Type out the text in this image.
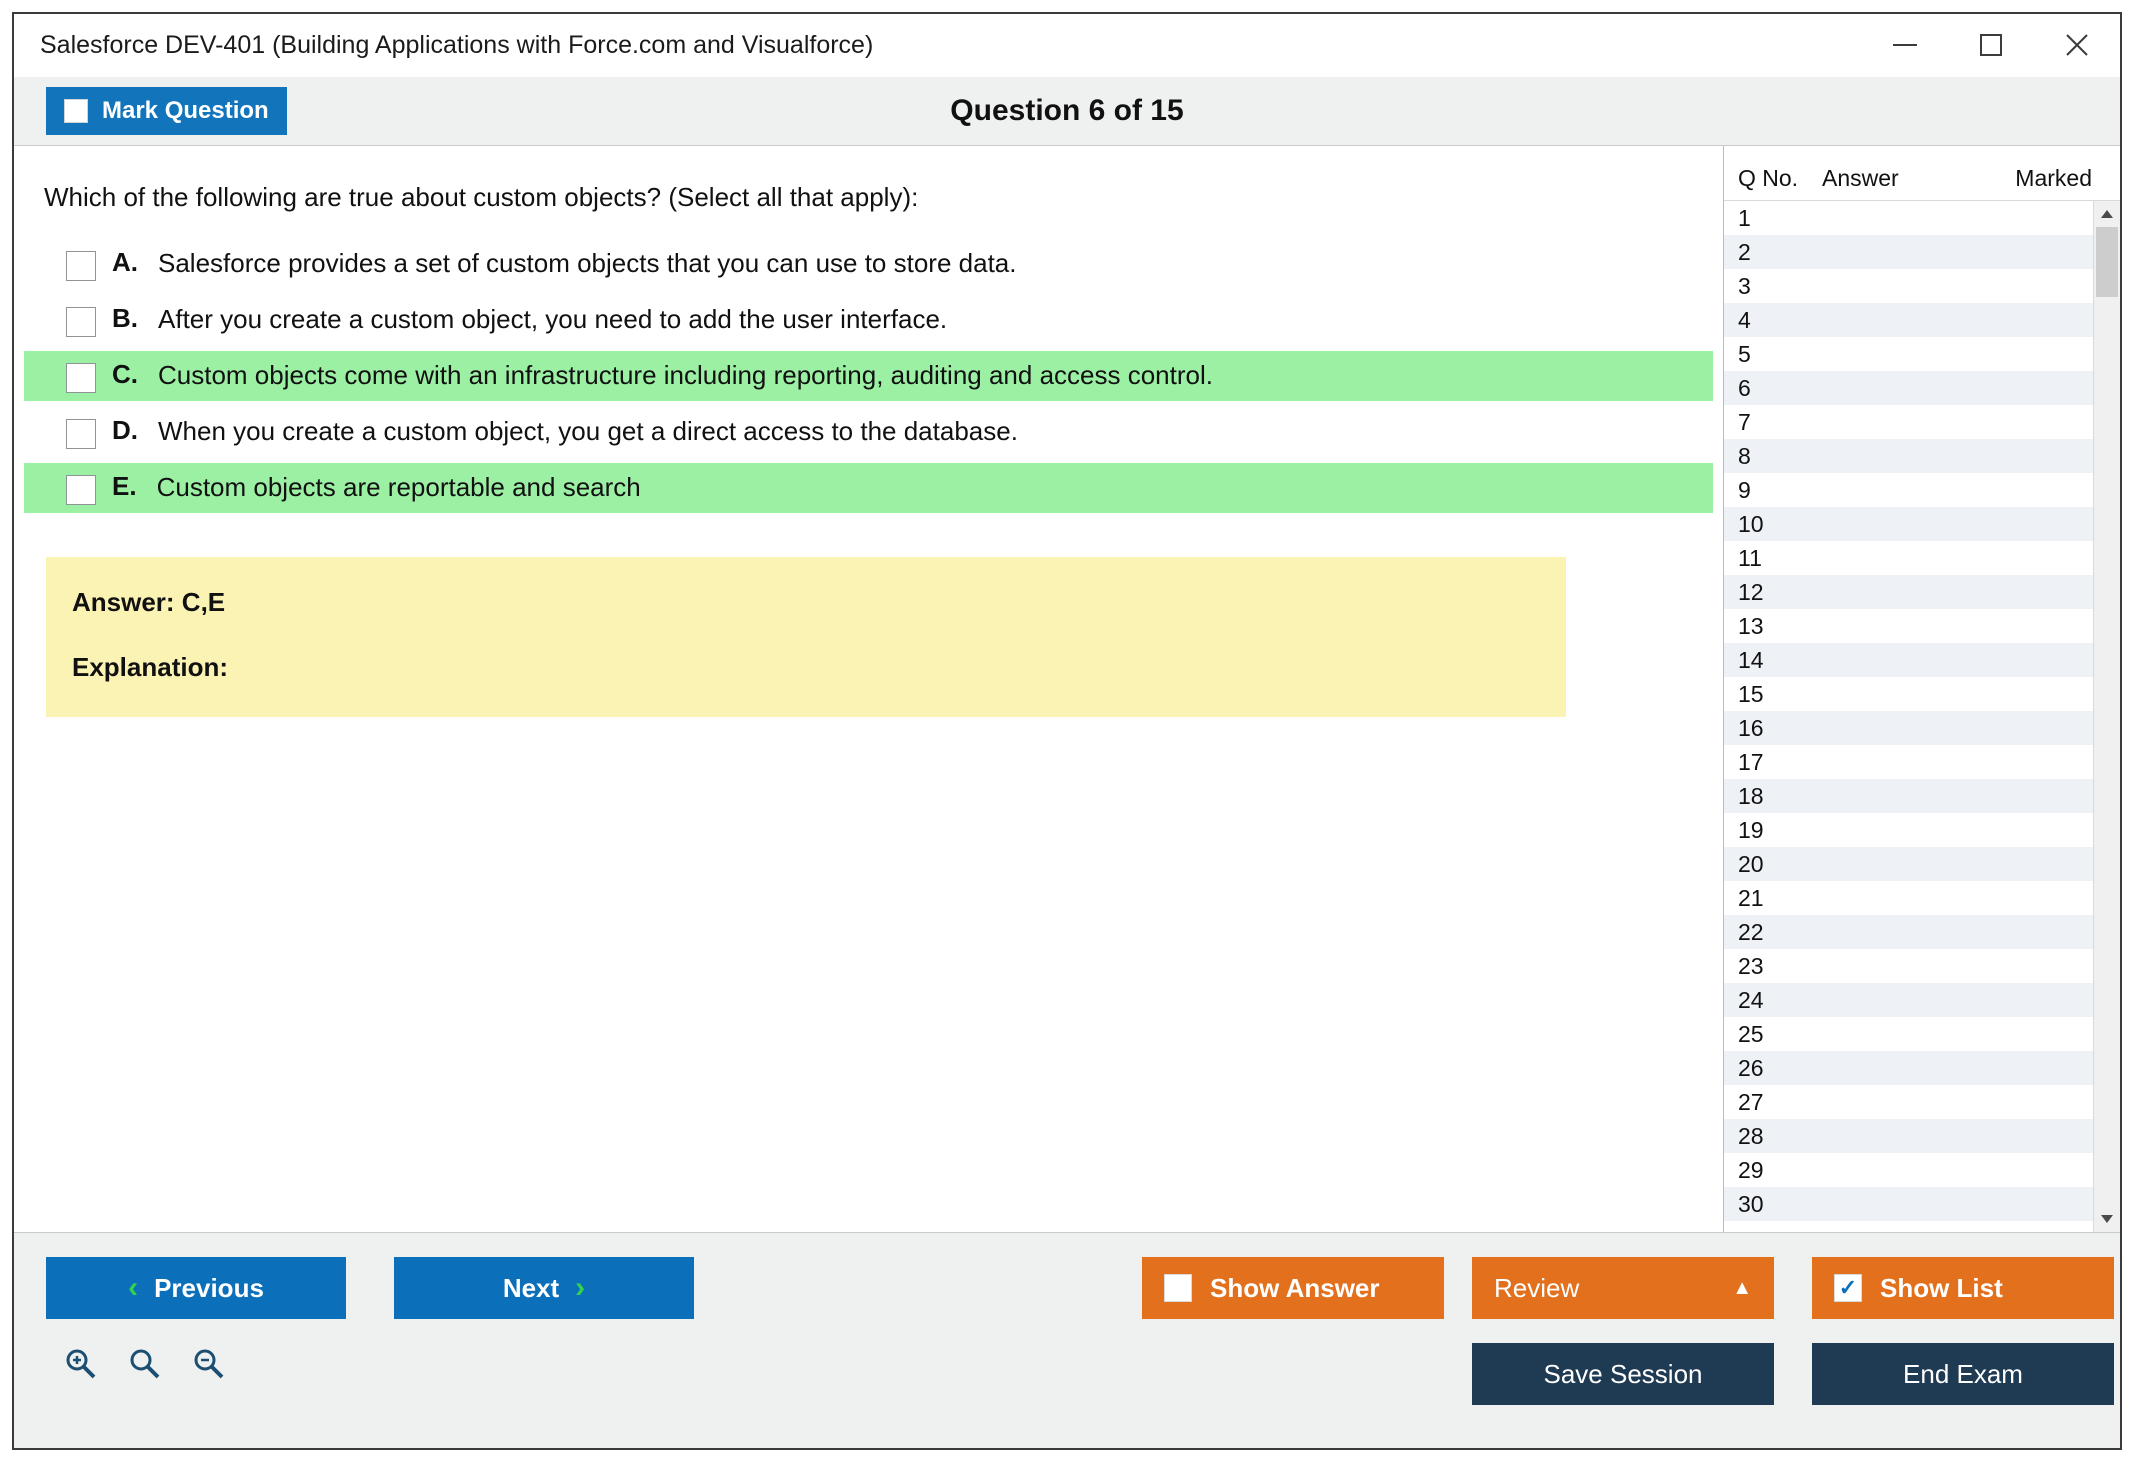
Salesforce DEV-401 (Building Applications with Force.com and Visualforce)
Mark Question	Question 6 of 15
Which of the following are true about custom objects? (Select all that apply):
A. Salesforce provides a set of custom objects that you can use to store data.
B. After you create a custom object, you need to add the user interface.
C. Custom objects come with an infrastructure including reporting, auditing and access control.
D. When you create a custom object, you get a direct access to the database.
E. Custom objects are reportable and search
Answer: C,E
Explanation:
Q No.	Answer	Marked
1
2
3
4
5
6
7
8
9
10
11
12
13
14
15
16
17
18
19
20
21
22
23
24
25
26
27
28
29
30
‹ Previous	Next ›	Show Answer	Review	▲	✓ Show List
Save Session	End Exam
